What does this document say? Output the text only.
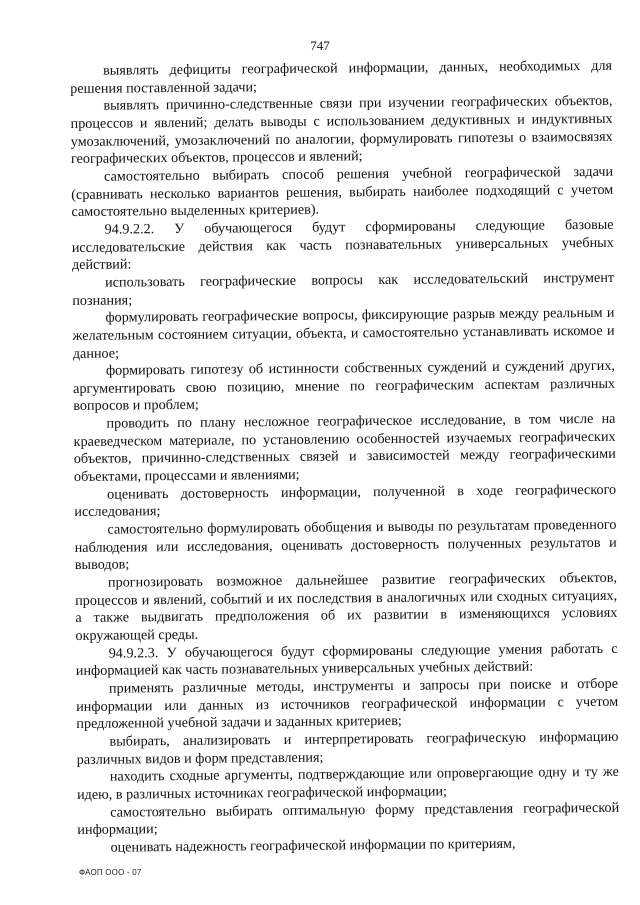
747

выявлять дефициты географической информации, данных, необходимых для решения поставленной задачи;

выявлять причинно-следственные связи при изучении географических объектов, процессов и явлений; делать выводы с использованием дедуктивных и индуктивных умозаключений, умозаключений по аналогии, формулировать гипотезы о взаимосвязях географических объектов, процессов и явлений;

самостоятельно выбирать способ решения учебной географической задачи (сравнивать несколько вариантов решения, выбирать наиболее подходящий с учетом самостоятельно выделенных критериев).

94.9.2.2. У обучающегося будут сформированы следующие базовые исследовательские действия как часть познавательных универсальных учебных действий:

использовать географические вопросы как исследовательский инструмент познания;

формулировать географические вопросы, фиксирующие разрыв между реальным и желательным состоянием ситуации, объекта, и самостоятельно устанавливать искомое и данное;

формировать гипотезу об истинности собственных суждений и суждений других, аргументировать свою позицию, мнение по географическим аспектам различных вопросов и проблем;

проводить по плану несложное географическое исследование, в том числе на краеведческом материале, по установлению особенностей изучаемых географических объектов, причинно-следственных связей и зависимостей между географическими объектами, процессами и явлениями;

оценивать достоверность информации, полученной в ходе географического исследования;

самостоятельно формулировать обобщения и выводы по результатам проведенного наблюдения или исследования, оценивать достоверность полученных результатов и выводов;

прогнозировать возможное дальнейшее развитие географических объектов, процессов и явлений, событий и их последствия в аналогичных или сходных ситуациях, а также выдвигать предположения об их развитии в изменяющихся условиях окружающей среды.

94.9.2.3. У обучающегося будут сформированы следующие умения работать с информацией как часть познавательных универсальных учебных действий:

применять различные методы, инструменты и запросы при поиске и отборе информации или данных из источников географической информации с учетом предложенной учебной задачи и заданных критериев;

выбирать, анализировать и интерпретировать географическую информацию различных видов и форм представления;

находить сходные аргументы, подтверждающие или опровергающие одну и ту же идею, в различных источниках географической информации;

самостоятельно выбирать оптимальную форму представления географической информации;

оценивать надежность географической информации по критериям,

ФАОП ООО - 07
